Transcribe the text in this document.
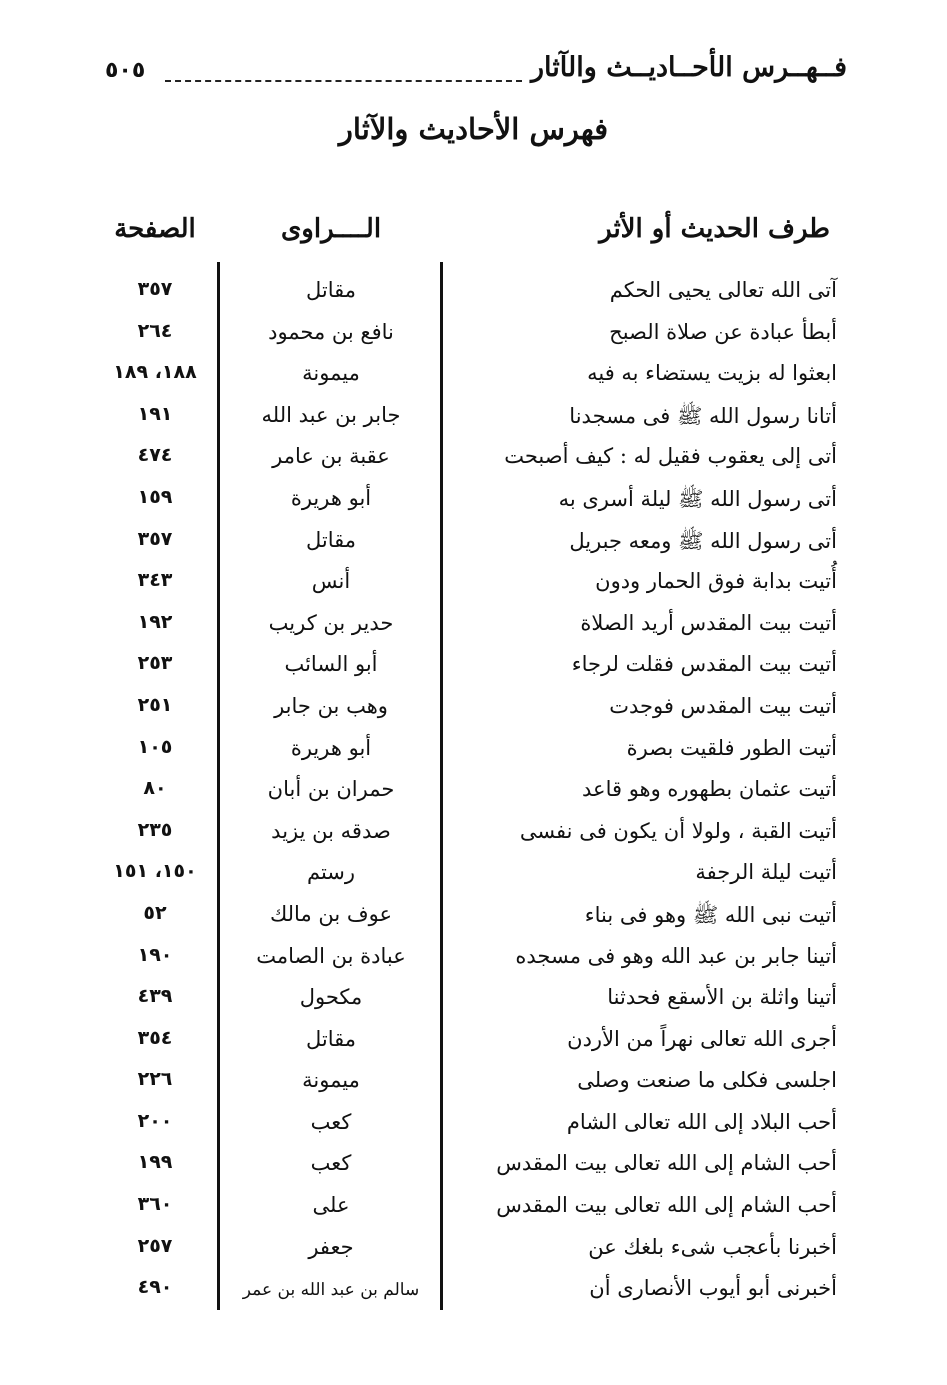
٥٠٥	فــهــرس الأحــاديــث والآثار
فهرس الأحاديث والآثار
طرف الحديث أو الأثر
الــــراوى
الصفحة
آتى الله تعالى يحيى الحكم
مقاتل
٣٥٧
أبطأ عبادة عن صلاة الصبح
نافع بن محمود
٢٦٤
ابعثوا له بزيت يستضاء به فيه
ميمونة
١٨٨، ١٨٩
أتانا رسول الله ﷺ فى مسجدنا
جابر بن عبد الله
١٩١
أتى إلى يعقوب فقيل له : كيف أصبحت
عقبة بن عامر
٤٧٤
أتى رسول الله ﷺ ليلة أسرى به
أبو هريرة
١٥٩
أتى رسول الله ﷺ ومعه جبريل
مقاتل
٣٥٧
أُتيت بدابة فوق الحمار ودون
أنس
٣٤٣
أتيت بيت المقدس أريد الصلاة
حدير بن كريب
١٩٢
أتيت بيت المقدس فقلت لرجاء
أبو السائب
٢٥٣
أتيت بيت المقدس فوجدت
وهب بن جابر
٢٥١
أتيت الطور فلقيت بصرة
أبو هريرة
١٠٥
أتيت عثمان بطهوره وهو قاعد
حمران بن أبان
٨٠
أتيت القبة ، ولولا أن يكون فى نفسى
صدقه بن يزيد
٢٣٥
أتيت ليلة الرجفة
رستم
١٥٠، ١٥١
أتيت نبى الله ﷺ وهو فى بناء
عوف بن مالك
٥٢
أتينا جابر بن عبد الله وهو فى مسجده
عبادة بن الصامت
١٩٠
أتينا واثلة بن الأسقع فحدثنا
مكحول
٤٣٩
أجرى الله تعالى نهراً من الأردن
مقاتل
٣٥٤
اجلسى فكلى ما صنعت وصلى
ميمونة
٢٢٦
أحب البلاد إلى الله تعالى الشام
كعب
٢٠٠
أحب الشام إلى الله تعالى بيت المقدس
كعب
١٩٩
أحب الشام إلى الله تعالى بيت المقدس
على
٣٦٠
أخبرنا بأعجب شىء بلغك عن
جعفر
٢٥٧
أخبرنى أبو أيوب الأنصارى أن
سالم بن عبد الله بن عمر
٤٩٠
